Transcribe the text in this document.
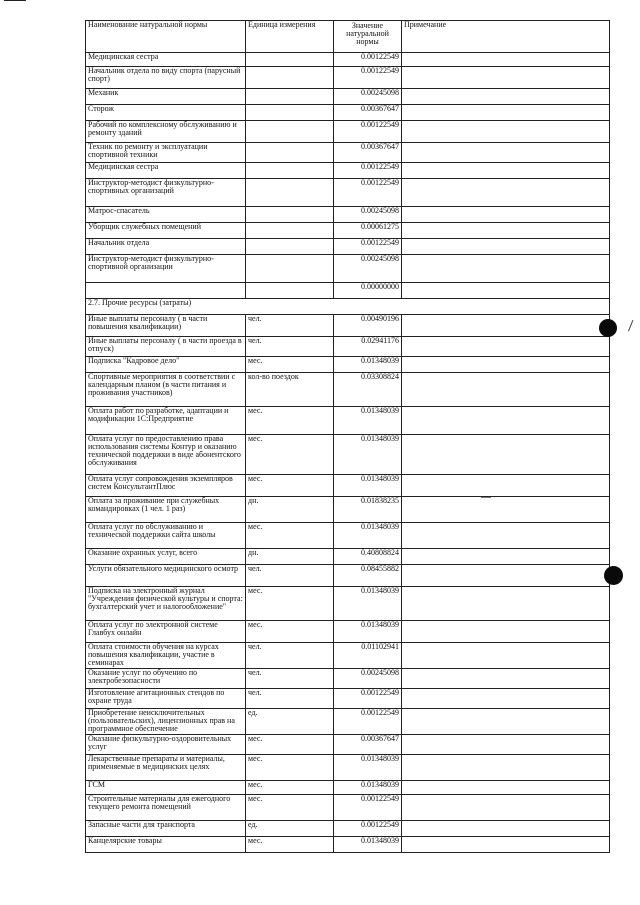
Наименование натуральной нормы	Единица измерения	Значение натуральной нормы	Примечание
Медицинская сестра		0.00122549	
Начальник отдела по виду спорта (парусный спорт)		0.00122549	
Механик		0.00245098	
Сторож		0.00367647	
Рабочий по комплексному обслуживанию и ремонту зданий		0.00122549	
Техник по ремонту и эксплуатации спортивной техники		0.00367647	
Медицинская сестра		0.00122549	
Инструктор-методист физкультурно-спортивных организаций		0.00122549	
Матрос-спасатель		0.00245098	
Уборщик служебных помещений		0.00061275	
Начальник отдела		0.00122549	
Инструктор-методист физкультурно-спортивной организации		0.00245098	
		0.00000000	
2.7. Прочие ресурсы (затраты)			
Иные выплаты персоналу ( в части повышения квалификации)	чел.	0.00490196	
Иные выплаты персоналу ( в части проезда в отпуск)	чел.	0.02941176	
Подписка "Кадровое дело"	мес.	0.01348039	
Спортивные мероприятия в соответствии с календарным планом (в части питания и проживания участников)	кол-во поездок	0.03308824	
Оплата работ по разработке, адаптации и модификации 1С:Предприятие	мес.	0.01348039	
Оплата услуг по предоставлению права использования системы Контур и оказанию технической поддержки в виде абонентского обслуживания	мес.	0.01348039	
Оплата услуг сопровождения экземпляров систем КонсультантПлюс	мес.	0.01348039	
Оплата за проживание при служебных командировках (1 чел. 1 раз)	дн.	0.01838235	
Оплата услуг по обслуживанию и технической поддержки сайта школы	мес.	0.01348039	
Оказание охранных услуг, всего	дн.	0.40808824	
Услуги обязательного медицинского осмотр	чел.	0.08455882	
Подписка на электронный журнал "Учреждения физической культуры и спорта: бухгалтерский учет и налогообложение"	мес.	0.01348039	
Оплата услуг по электронной системе Главбух онлайн	мес.	0.01348039	
Оплата стоимости обучения на курсах повышения квалификации, участие в семинарах	чел.	0.01102941	
Оказание услуг по обучению по электробезопасности	чел.	0.00245098	
Изготовление агитационных стендов по охране труда	чел.	0.00122549	
Приобретение неисключительных (пользовательских), лицензионных прав на программное обеспечение	ед.	0.00122549	
Оказание физкультурно-оздоровительных услуг	мес.	0.00367647	
Лекарственные препараты и материалы, применяемые в медицинских целях	мес.	0.01348039	
ГСМ	мес.	0.01348039	
Строительные материалы для ежегодного текущего ремонта помещений	мес.	0.00122549	
Запасные части для транспорта	ед.	0.00122549	
Канцелярские товары	мес.	0.01348039	
